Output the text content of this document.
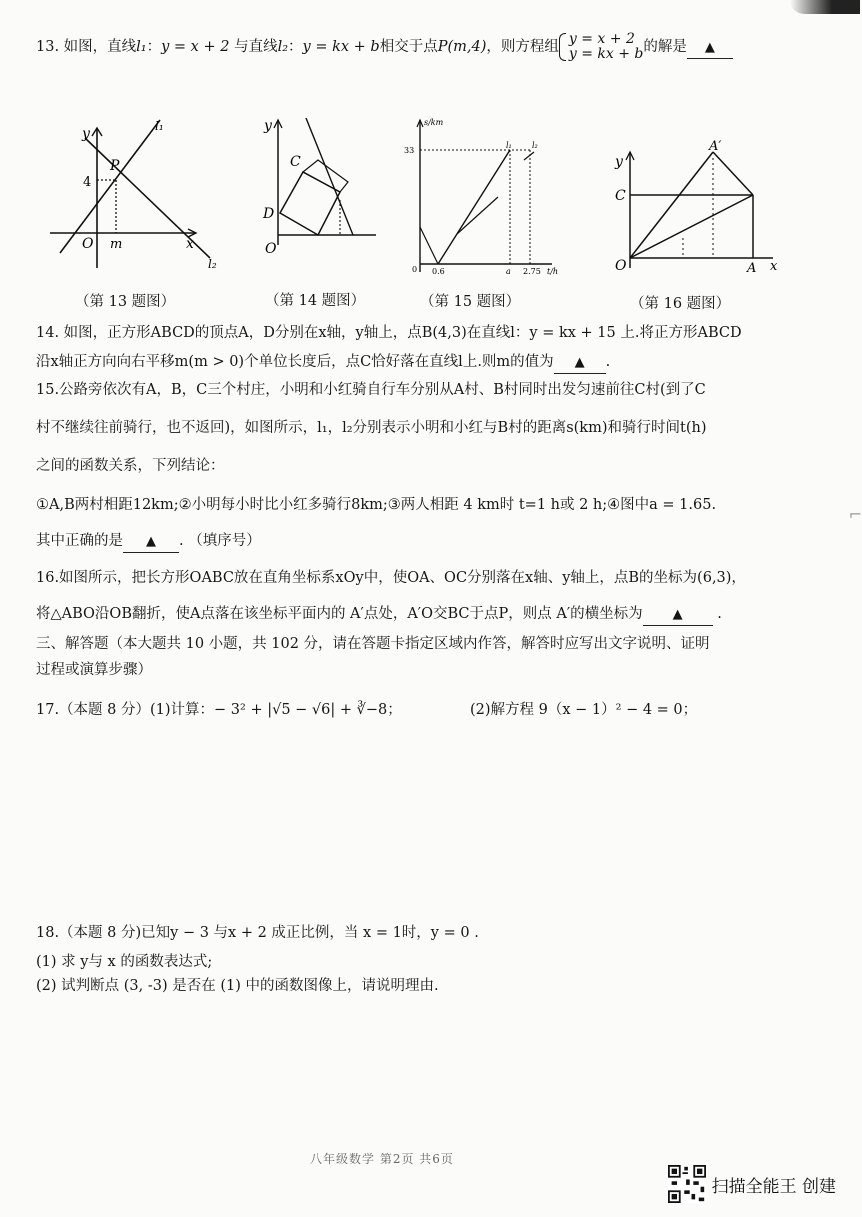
13. 如图，直线l₁：y = x + 2 与直线l₂：y = kx + b相交于点P(m,4)，则方程组 y = x + 2
y = kx + b的解是 ▲
y	l₁
P
4
O m	x
l₂
y
C
D
O
s/km
33
l₁	l₂
0 0.6	a 2.75 t/h
y
A′
C
O	A x
（第 13 题图）	（第 14 题图）	（第 15 题图）	（第 16 题图）
14. 如图，正方形ABCD的顶点A，D分别在x轴，y轴上，点B(4,3)在直线l：y = kx + 15 上.将正方形ABCD
沿x轴正方向向右平移m(m > 0)个单位长度后，点C恰好落在直线l上.则m的值为 ▲ .
15.公路旁依次有A，B，C三个村庄，小明和小红骑自行车分别从A村、B村同时出发匀速前往C村(到了C
村不继续往前骑行，也不返回)，如图所示，l₁，l₂分别表示小明和小红与B村的距离s(km)和骑行时间t(h)
之间的函数关系，下列结论：
①A,B两村相距12km;②小明每小时比小红多骑行8km;③两人相距 4 km时 t=1 h或 2 h;④图中a = 1.65.
其中正确的是 ▲ . （填序号）
16.如图所示，把长方形OABC放在直角坐标系xOy中，使OA、OC分别落在x轴、y轴上，点B的坐标为(6,3)，
将△ABO沿OB翻折，使A点落在该坐标平面内的 A′点处，A′O交BC于点P，则点 A′的横坐标为 ▲ .
三、解答题（本大题共 10 小题，共 102 分，请在答题卡指定区域内作答，解答时应写出文字说明、证明
过程或演算步骤）
17.（本题 8 分）(1)计算：− 3² + |√5 − √6| + ∛−8；	(2)解方程 9（x − 1）² − 4 = 0；
18.（本题 8 分)已知y − 3 与x + 2 成正比例，当 x = 1时，y = 0 .
(1) 求 y与 x 的函数表达式;
(2) 试判断点 (3, -3) 是否在 (1) 中的函数图像上，请说明理由.
⌐
八年级数学 第2页 共6页
扫描全能王 创建
